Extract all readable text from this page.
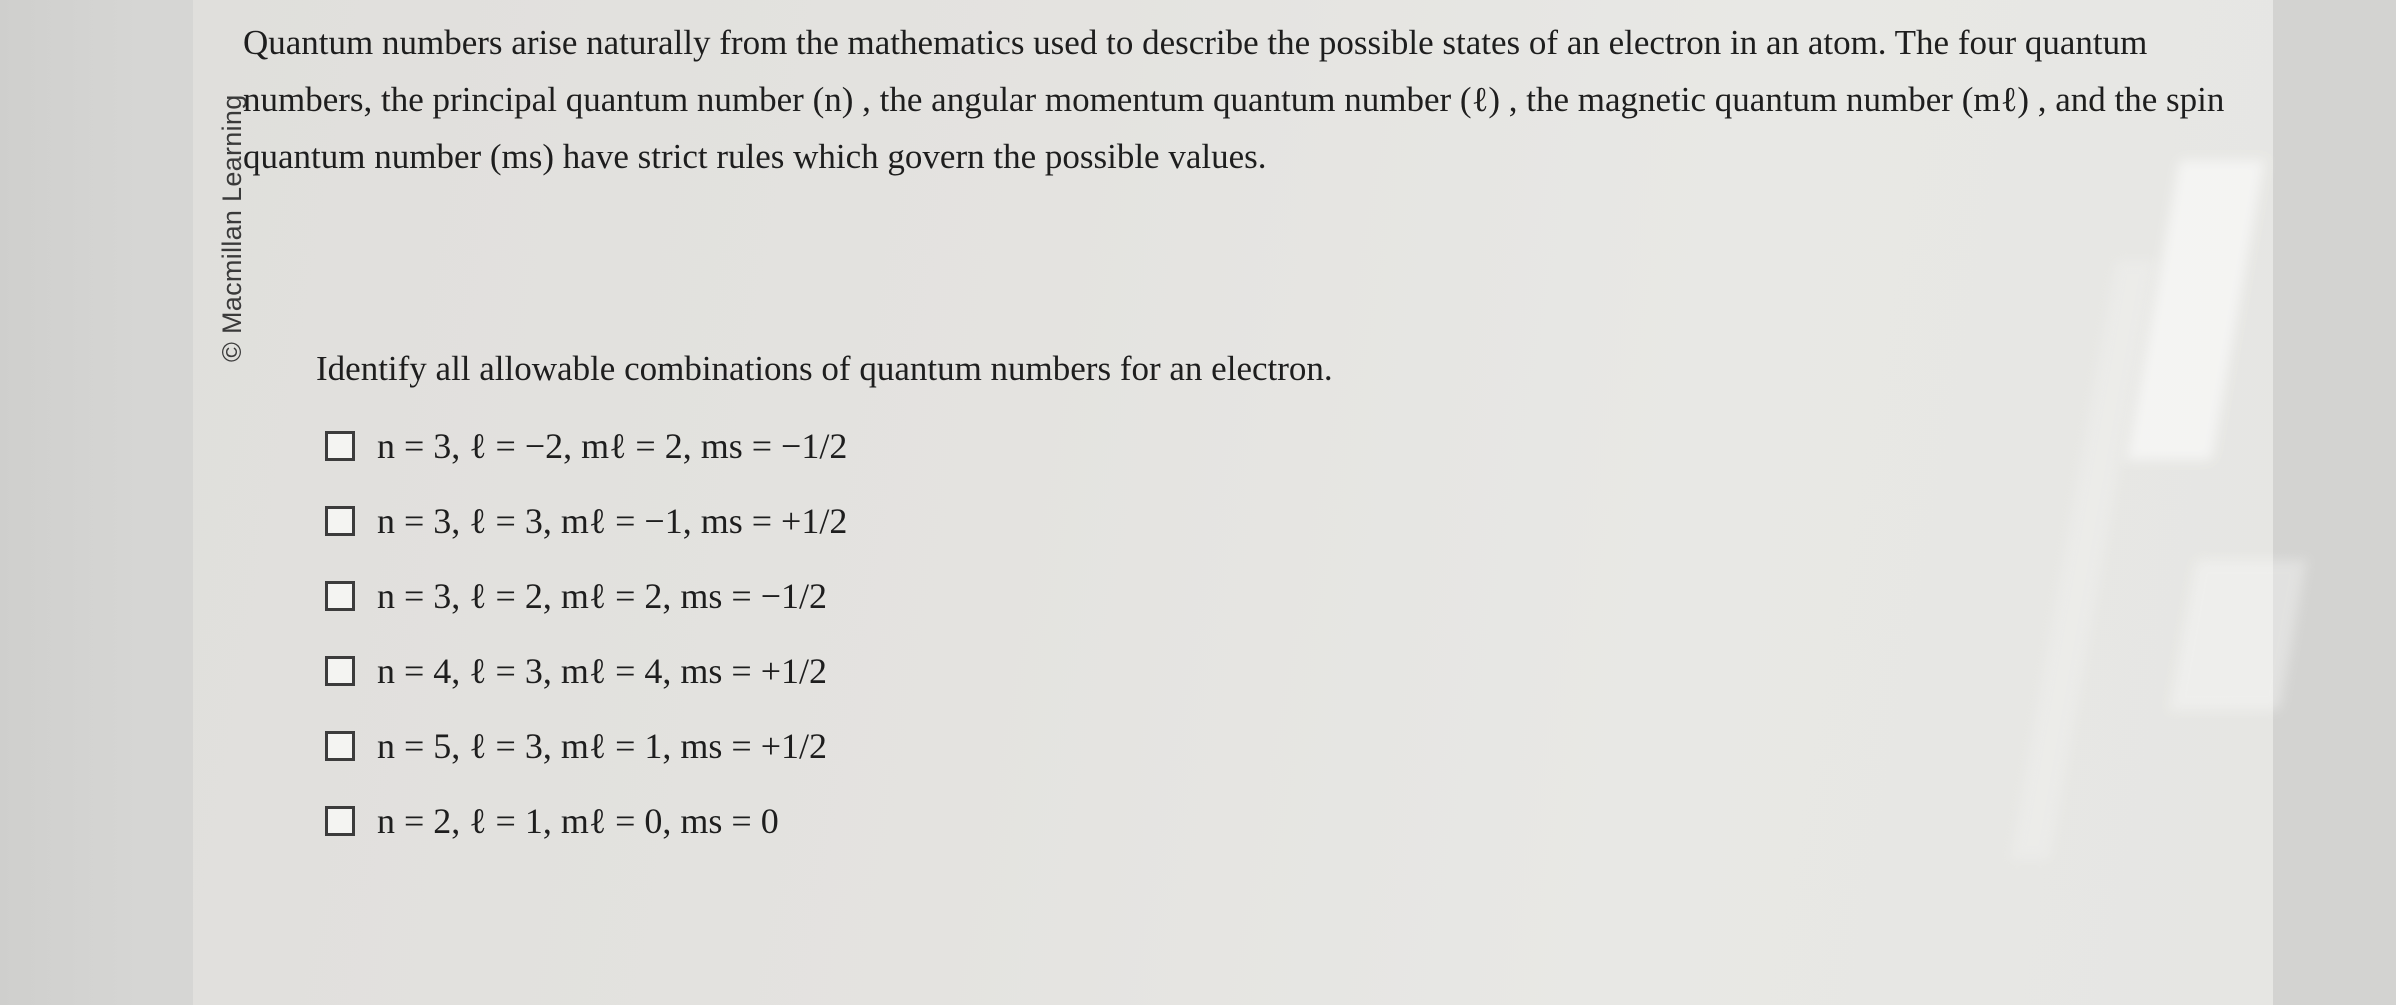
© Macmillan Learning
Quantum numbers arise naturally from the mathematics used to describe the possible states of an electron in an atom. The four quantum numbers, the principal quantum number (n) , the angular momentum quantum number (ℓ) , the magnetic quantum number (mℓ) , and the spin quantum number (ms) have strict rules which govern the possible values.
Identify all allowable combinations of quantum numbers for an electron.
n = 3, ℓ = −2, mℓ = 2, ms = −1/2
n = 3, ℓ = 3, mℓ = −1, ms = +1/2
n = 3, ℓ = 2, mℓ = 2, ms = −1/2
n = 4, ℓ = 3, mℓ = 4, ms = +1/2
n = 5, ℓ = 3, mℓ = 1, ms = +1/2
n = 2, ℓ = 1, mℓ = 0, ms = 0
